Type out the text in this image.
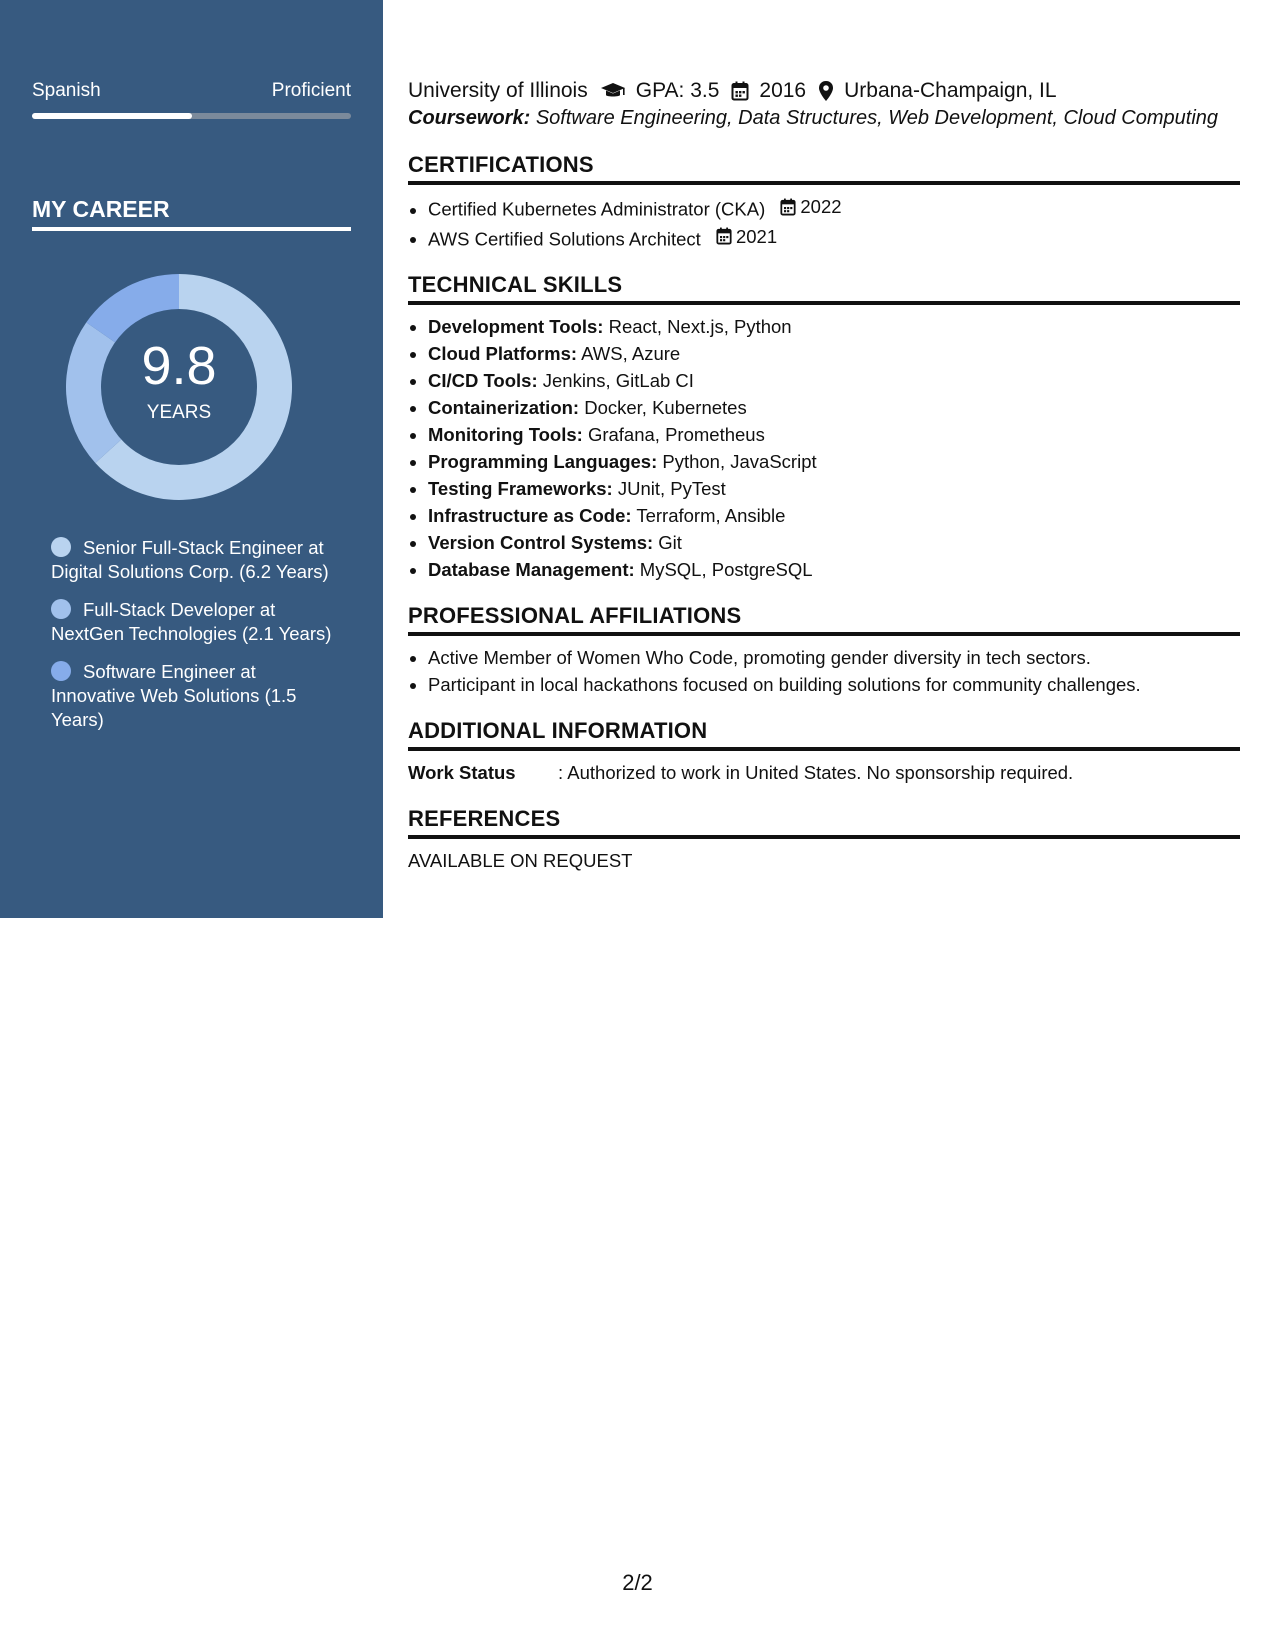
Spanish	Proficient
MY CAREER
9.8
YEARS
Senior Full-Stack Engineer at Digital Solutions Corp. (6.2 Years)
Full-Stack Developer at NextGen Technologies (2.1 Years)
Software Engineer at Innovative Web Solutions (1.5 Years)
University of Illinois GPA: 3.5 2016 Urbana-Champaign, IL
Coursework: Software Engineering, Data Structures, Web Development, Cloud Computing
CERTIFICATIONS
• Certified Kubernetes Administrator (CKA) 2022
• AWS Certified Solutions Architect 2021
TECHNICAL SKILLS
• Development Tools: React, Next.js, Python
• Cloud Platforms: AWS, Azure
• CI/CD Tools: Jenkins, GitLab CI
• Containerization: Docker, Kubernetes
• Monitoring Tools: Grafana, Prometheus
• Programming Languages: Python, JavaScript
• Testing Frameworks: JUnit, PyTest
• Infrastructure as Code: Terraform, Ansible
• Version Control Systems: Git
• Database Management: MySQL, PostgreSQL
PROFESSIONAL AFFILIATIONS
• Active Member of Women Who Code, promoting gender diversity in tech sectors.
• Participant in local hackathons focused on building solutions for community challenges.
ADDITIONAL INFORMATION
Work Status	: Authorized to work in United States. No sponsorship required.
REFERENCES
AVAILABLE ON REQUEST
2/2
